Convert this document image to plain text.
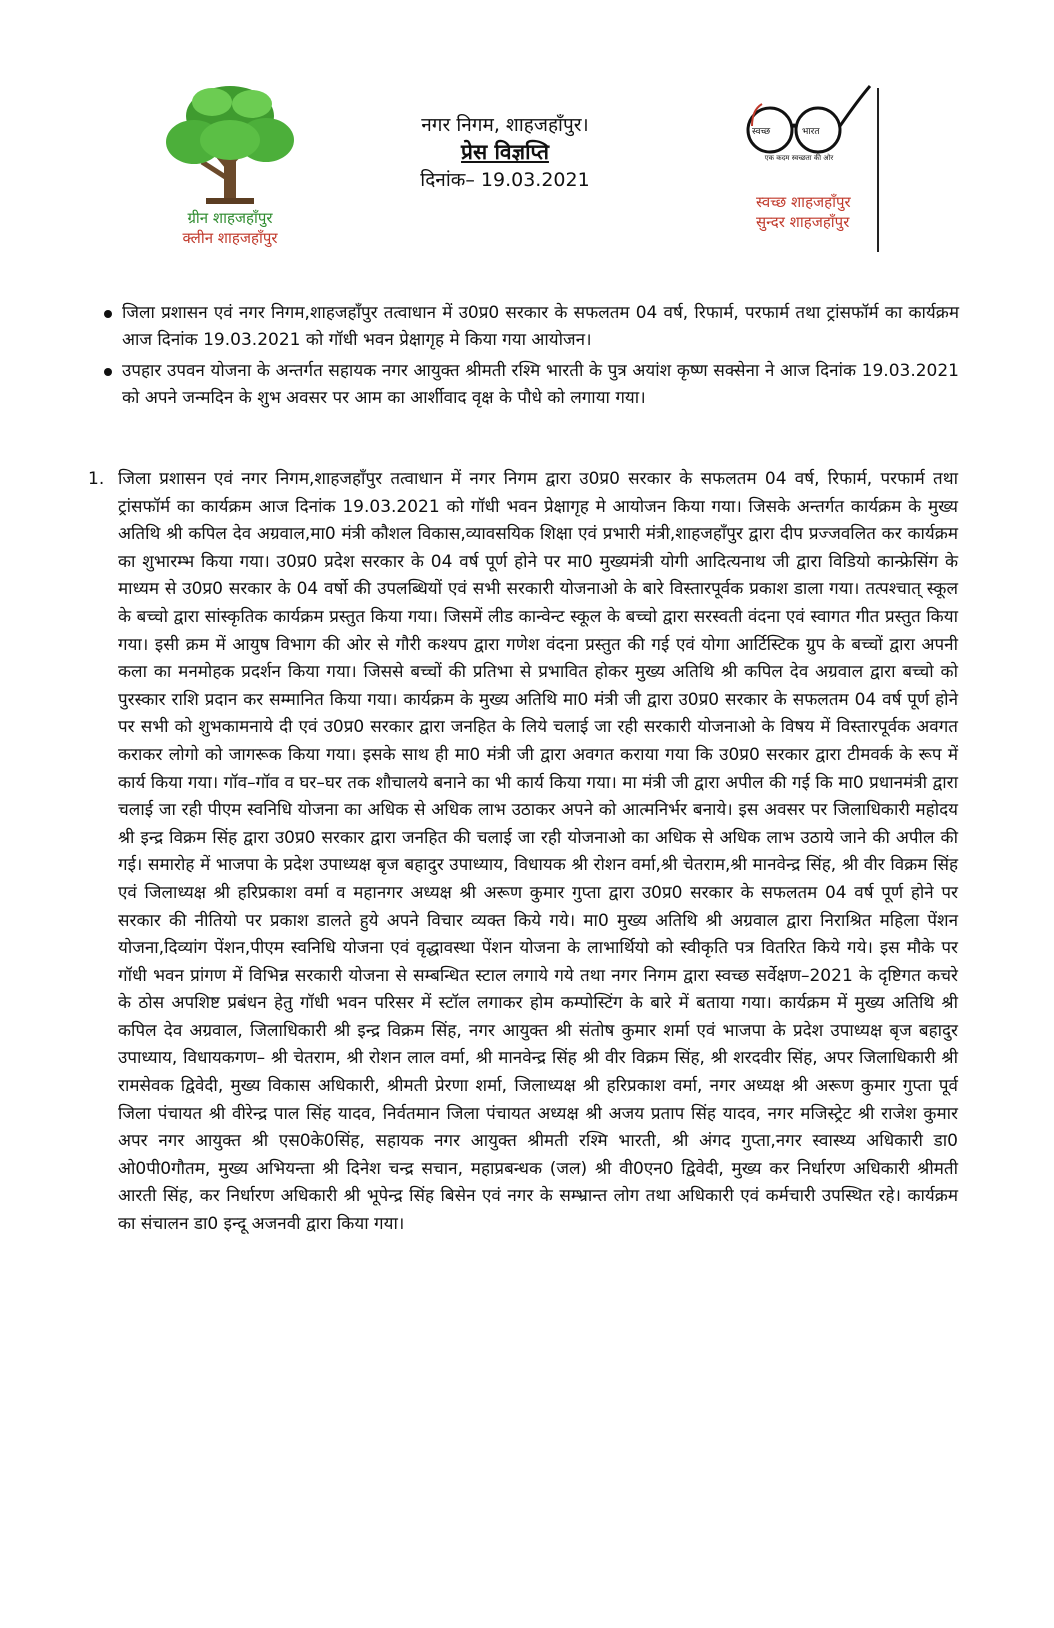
ग्रीन शाहजहाँपुर
क्लीन शाहजहाँपुर
नगर निगम, शाहजहाँपुर।
प्रेस विज्ञप्ति
दिनांक– 19.03.2021
स्वच्छ	भारत
एक कदम स्वच्छता की ओर
स्वच्छ शाहजहाँपुर
सुन्दर शाहजहाँपुर
जिला प्रशासन एवं नगर निगम,शाहजहाँपुर तत्वाधान में उ0प्र0 सरकार के सफलतम 04 वर्ष, रिफार्म, परफार्म तथा ट्रांसफॉर्म का कार्यक्रम आज दिनांक 19.03.2021 को गॉधी भवन प्रेक्षागृह मे किया गया आयोजन।
उपहार उपवन योजना के अन्तर्गत सहायक नगर आयुक्त श्रीमती रश्मि भारती के पुत्र अयांश कृष्ण सक्सेना ने आज दिनांक 19.03.2021 को अपने जन्मदिन के शुभ अवसर पर आम का आर्शीवाद वृक्ष के पौधे को लगाया गया।
1. जिला प्रशासन एवं नगर निगम,शाहजहाँपुर तत्वाधान में नगर निगम द्वारा उ0प्र0 सरकार के सफलतम 04 वर्ष, रिफार्म, परफार्म तथा ट्रांसफॉर्म का कार्यक्रम आज दिनांक 19.03.2021 को गॉधी भवन प्रेक्षागृह मे आयोजन किया गया। जिसके अन्तर्गत कार्यक्रम के मुख्य अतिथि श्री कपिल देव अग्रवाल,मा0 मंत्री कौशल विकास,व्यावसयिक शिक्षा एवं प्रभारी मंत्री,शाहजहाँपुर द्वारा दीप प्रज्जवलित कर कार्यक्रम का शुभारम्भ किया गया। उ0प्र0 प्रदेश सरकार के 04 वर्ष पूर्ण होने पर मा0 मुख्यमंत्री योगी आदित्यनाथ जी द्वारा विडियो कान्फ्रेसिंग के माध्यम से उ0प्र0 सरकार के 04 वर्षो की उपलब्धियों एवं सभी सरकारी योजनाओ के बारे विस्तारपूर्वक प्रकाश डाला गया। तत्पश्चात् स्कूल के बच्चो द्वारा सांस्कृतिक कार्यक्रम प्रस्तुत किया गया। जिसमें लीड कान्वेन्ट स्कूल के बच्चो द्वारा सरस्वती वंदना एवं स्वागत गीत प्रस्तुत किया गया। इसी क्रम में आयुष विभाग की ओर से गौरी कश्यप द्वारा गणेश वंदना प्रस्तुत की गई एवं योगा आर्टिस्टिक ग्रुप के बच्चों द्वारा अपनी कला का मनमोहक प्रदर्शन किया गया। जिससे बच्चों की प्रतिभा से प्रभावित होकर मुख्य अतिथि श्री कपिल देव अग्रवाल द्वारा बच्चो को पुरस्कार राशि प्रदान कर सम्मानित किया गया। कार्यक्रम के मुख्य अतिथि मा0 मंत्री जी द्वारा उ0प्र0 सरकार के सफलतम 04 वर्ष पूर्ण होने पर सभी को शुभकामनाये दी एवं उ0प्र0 सरकार द्वारा जनहित के लिये चलाई जा रही सरकारी योजनाओ के विषय में विस्तारपूर्वक अवगत कराकर लोगो को जागरूक किया गया। इसके साथ ही मा0 मंत्री जी द्वारा अवगत कराया गया कि उ0प्र0 सरकार द्वारा टीमवर्क के रूप में कार्य किया गया। गॉव–गॉव व घर–घर तक शौचालये बनाने का भी कार्य किया गया। मा मंत्री जी द्वारा अपील की गई कि मा0 प्रधानमंत्री द्वारा चलाई जा रही पीएम स्वनिधि योजना का अधिक से अधिक लाभ उठाकर अपने को आत्मनिर्भर बनाये। इस अवसर पर जिलाधिकारी महोदय श्री इन्द्र विक्रम सिंह द्वारा उ0प्र0 सरकार द्वारा जनहित की चलाई जा रही योजनाओ का अधिक से अधिक लाभ उठाये जाने की अपील की गई। समारोह में भाजपा के प्रदेश उपाध्यक्ष बृज बहादुर उपाध्याय, विधायक श्री रोशन वर्मा,श्री चेतराम,श्री मानवेन्द्र सिंह, श्री वीर विक्रम सिंह एवं जिलाध्यक्ष श्री हरिप्रकाश वर्मा व महानगर अध्यक्ष श्री अरूण कुमार गुप्ता द्वारा उ0प्र0 सरकार के सफलतम 04 वर्ष पूर्ण होने पर सरकार की नीतियो पर प्रकाश डालते हुये अपने विचार व्यक्त किये गये। मा0 मुख्य अतिथि श्री अग्रवाल द्वारा निराश्रित महिला पेंशन योजना,दिव्यांग पेंशन,पीएम स्वनिधि योजना एवं वृद्धावस्था पेंशन योजना के लाभार्थियो को स्वीकृति पत्र वितरित किये गये। इस मौके पर गॉधी भवन प्रांगण में विभिन्न सरकारी योजना से सम्बन्धित स्टाल लगाये गये तथा नगर निगम द्वारा स्वच्छ सर्वेक्षण–2021 के दृष्टिगत कचरे के ठोस अपशिष्ट प्रबंधन हेतु गॉधी भवन परिसर में स्टॉल लगाकर होम कम्पोस्टिंग के बारे में बताया गया। कार्यक्रम में मुख्य अतिथि श्री कपिल देव अग्रवाल, जिलाधिकारी श्री इन्द्र विक्रम सिंह, नगर आयुक्त श्री संतोष कुमार शर्मा एवं भाजपा के प्रदेश उपाध्यक्ष बृज बहादुर उपाध्याय, विधायकगण– श्री चेतराम, श्री रोशन लाल वर्मा, श्री मानवेन्द्र सिंह श्री वीर विक्रम सिंह, श्री शरदवीर सिंह, अपर जिलाधिकारी श्री रामसेवक द्विवेदी, मुख्य विकास अधिकारी, श्रीमती प्रेरणा शर्मा, जिलाध्यक्ष श्री हरिप्रकाश वर्मा, नगर अध्यक्ष श्री अरूण कुमार गुप्ता पूर्व जिला पंचायत श्री वीरेन्द्र पाल सिंह यादव, निर्वतमान जिला पंचायत अध्यक्ष श्री अजय प्रताप सिंह यादव, नगर मजिस्ट्रेट श्री राजेश कुमार अपर नगर आयुक्त श्री एस0के0सिंह, सहायक नगर आयुक्त श्रीमती रश्मि भारती, श्री अंगद गुप्ता,नगर स्वास्थ्य अधिकारी डा0 ओ0पी0गौतम, मुख्य अभियन्ता श्री दिनेश चन्द्र सचान, महाप्रबन्धक (जल) श्री वी0एन0 द्विवेदी, मुख्य कर निर्धारण अधिकारी श्रीमती आरती सिंह, कर निर्धारण अधिकारी श्री भूपेन्द्र सिंह बिसेन एवं नगर के सम्भ्रान्त लोग तथा अधिकारी एवं कर्मचारी उपस्थित रहे। कार्यक्रम का संचालन डा0 इन्दू अजनवी द्वारा किया गया।
